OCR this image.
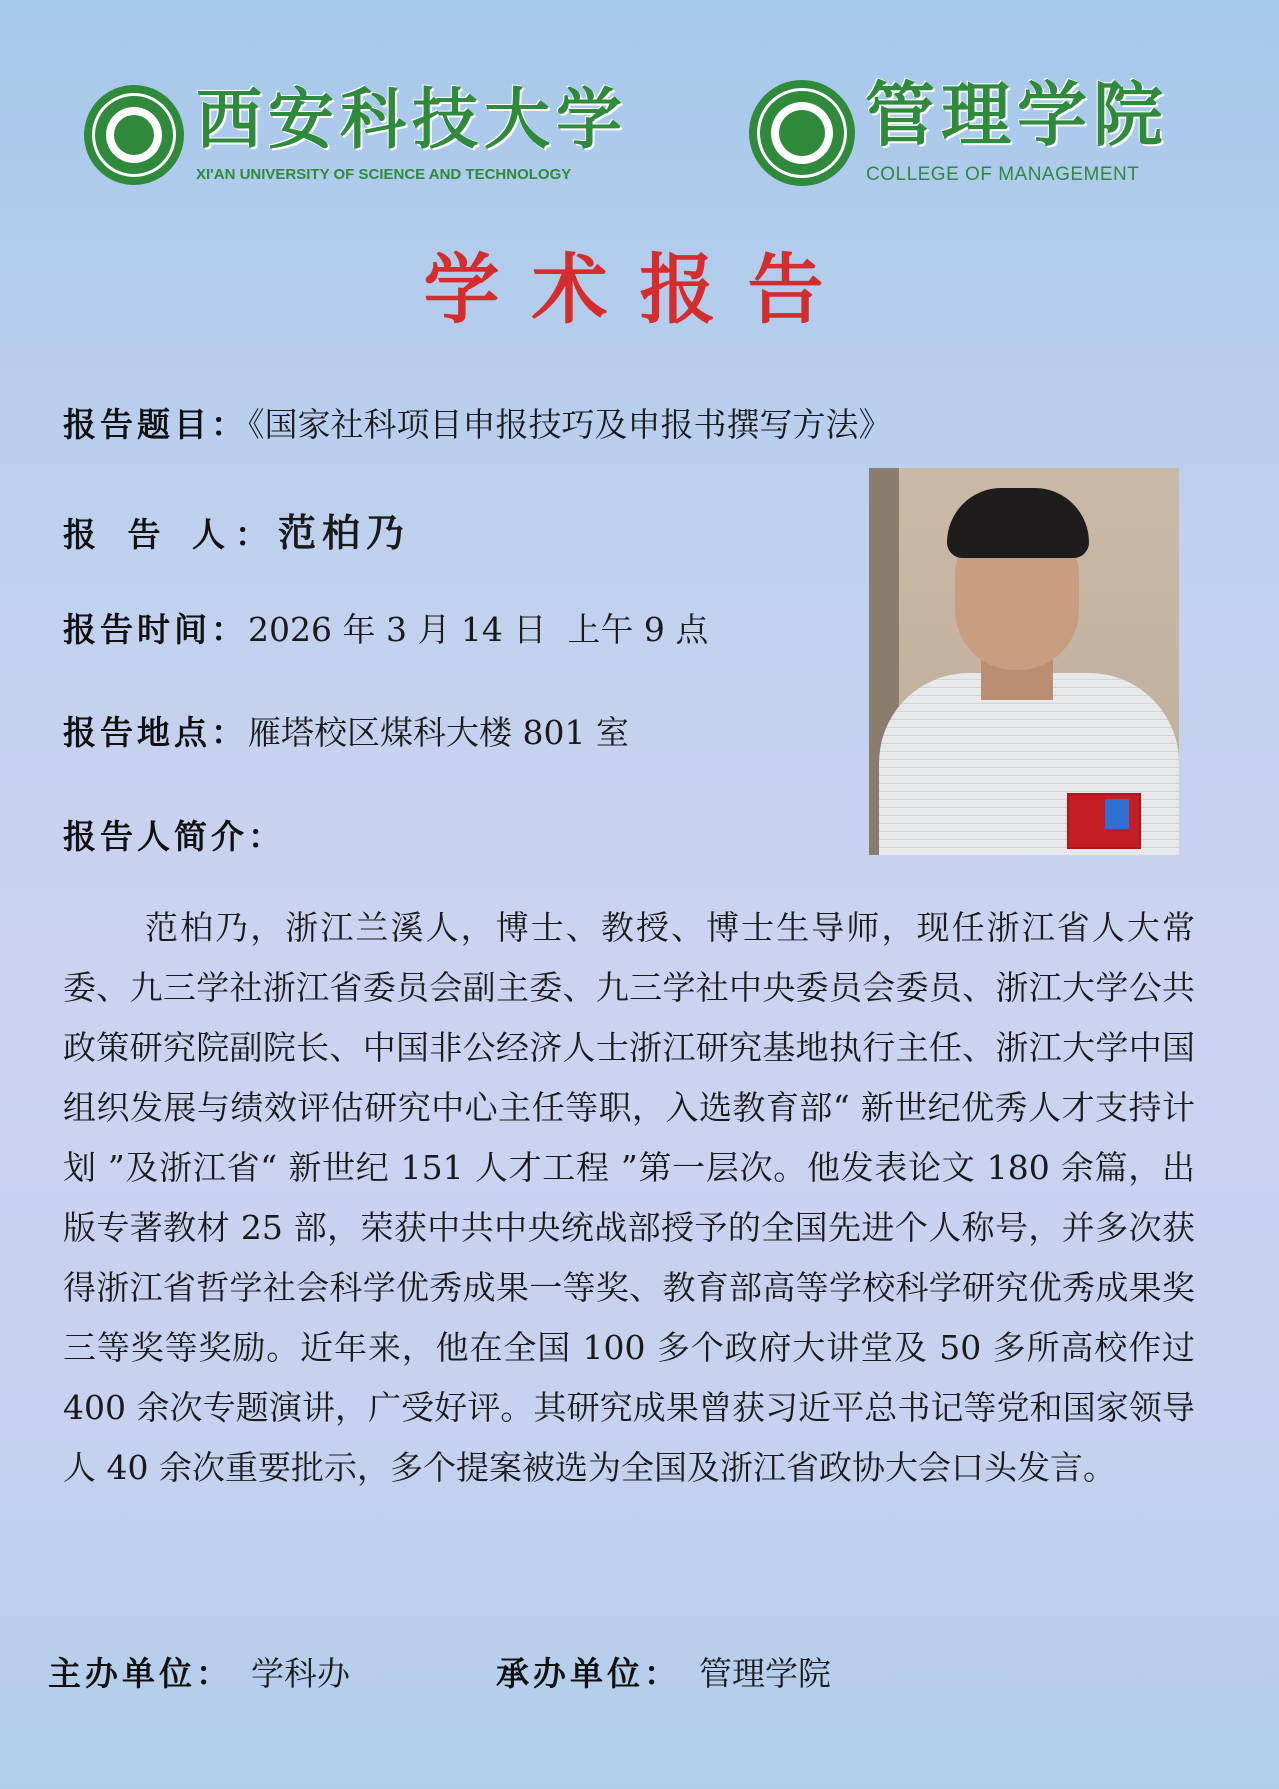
西安科技大学
XI'AN UNIVERSITY OF SCIENCE AND TECHNOLOGY
管理学院
COLLEGE OF MANAGEMENT
学术报告
报告题目：《国家社科项目申报技巧及申报书撰写方法》
报 告 人：范柏乃
报告时间：2026 年 3 月 14 日  上午 9 点
报告地点：雁塔校区煤科大楼 801 室
报告人简介：

范柏乃，浙江兰溪人，博士、教授、博士生导师，现任浙江省人大常委、九三学社浙江省委员会副主委、九三学社中央委员会委员、浙江大学公共政策研究院副院长、中国非公经济人士浙江研究基地执行主任、浙江大学中国组织发展与绩效评估研究中心主任等职，入选教育部“ 新世纪优秀人才支持计划 ”及浙江省“ 新世纪 151 人才工程 ”第一层次。他发表论文 180 余篇，出版专著教材 25 部，荣获中共中央统战部授予的全国先进个人称号，并多次获得浙江省哲学社会科学优秀成果一等奖、教育部高等学校科学研究优秀成果奖三等奖等奖励。近年来，他在全国 100 多个政府大讲堂及 50 多所高校作过 400 余次专题演讲，广受好评。其研究成果曾获习近平总书记等党和国家领导人 40 余次重要批示，多个提案被选为全国及浙江省政协大会口头发言。

主办单位： 学科办	承办单位： 管理学院
